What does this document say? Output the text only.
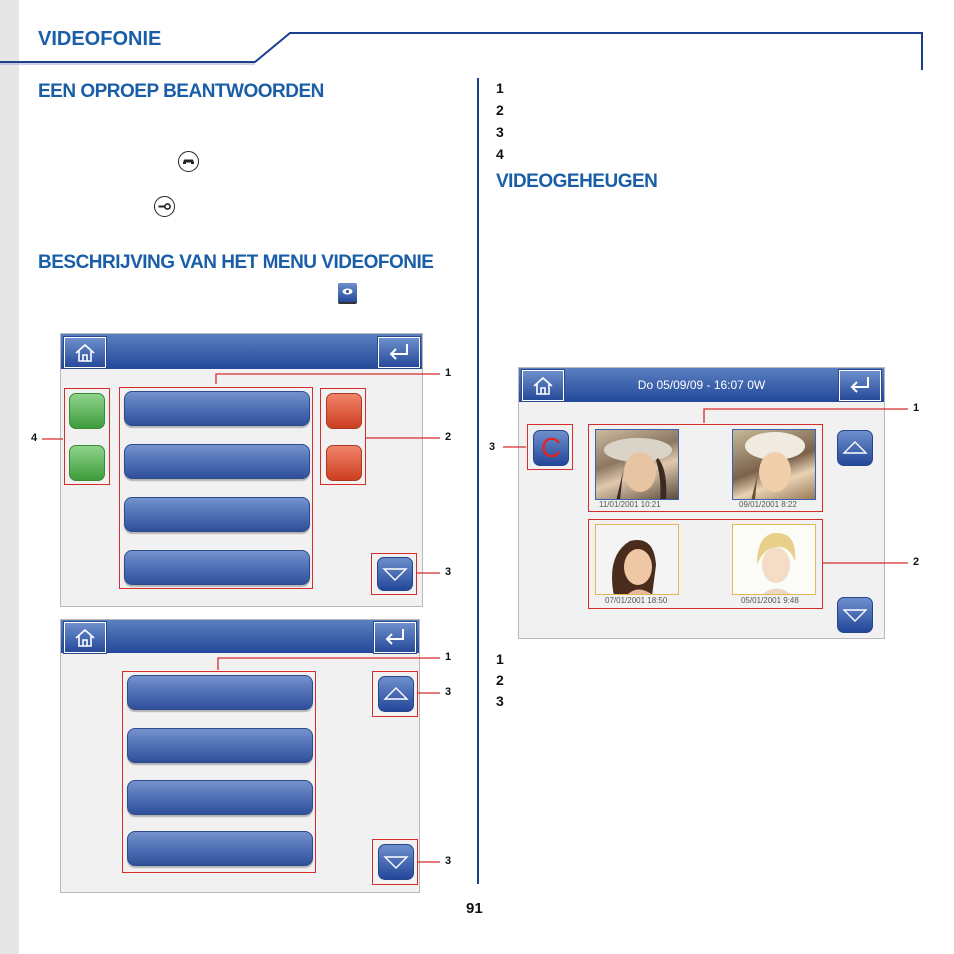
VIDEOFONIE
EEN OPROEP BEANTWOORDEN
BESCHRIJVING VAN HET MENU VIDEOFONIE
1
2
3
4
1
3
3
91
1
2
3
4
VIDEOGEHEUGEN
Do 05/09/09 - 16:07 0W
C
11/01/2001 10:21	09/01/2001 8:22
07/01/2001 18:50	05/01/2001 9:48
1
2
3
1
2
3
